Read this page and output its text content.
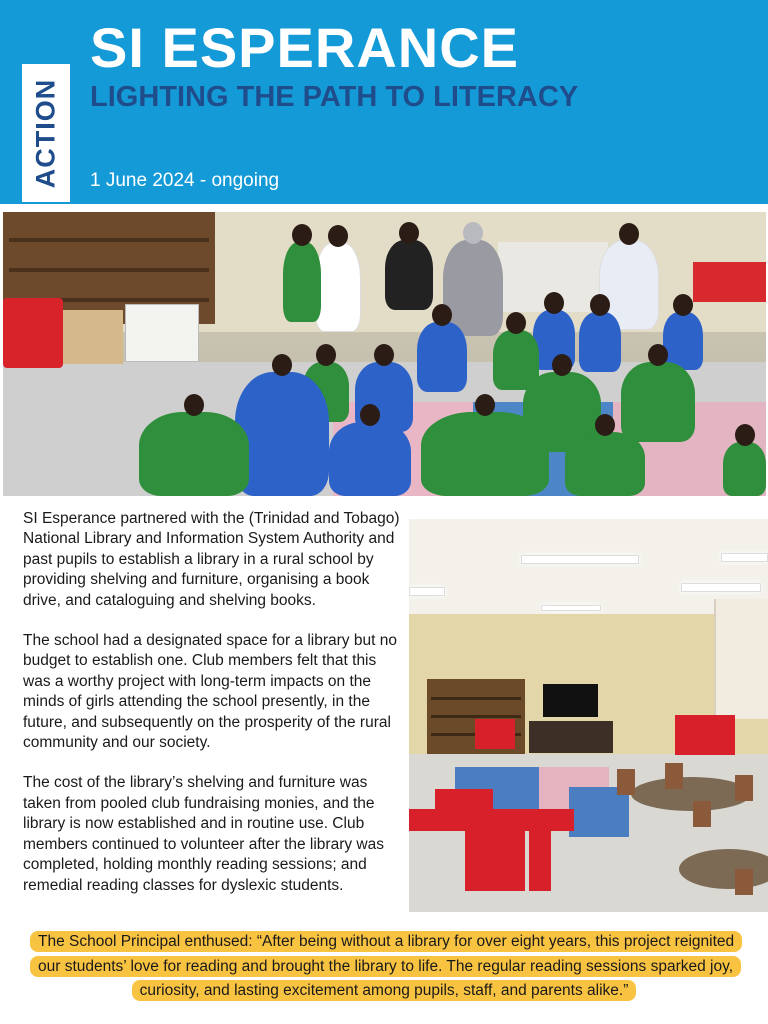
ACTION
SI ESPERANCE
LIGHTING THE PATH TO LITERACY
1 June 2024 - ongoing

SI Esperance partnered with the (Trinidad and Tobago) National Library and Information System Authority and past pupils to establish a library in a rural school by providing shelving and furniture, organising a book drive, and cataloguing and shelving books.

The school had a designated space for a library but no budget to establish one. Club members felt that this was a worthy project with long-term impacts on the minds of girls attending the school presently, in the future, and subsequently on the prosperity of the rural community and our society.

The cost of the library’s shelving and furniture was taken from pooled club fundraising monies, and the library is now established and in routine use. Club members continued to volunteer after the library was completed, holding monthly reading sessions; and remedial reading classes for dyslexic students.

The School Principal enthused: “After being without a library for over eight years, this project reignited our students’ love for reading and brought the library to life. The regular reading sessions sparked joy, curiosity, and lasting excitement among pupils, staff, and parents alike.”
